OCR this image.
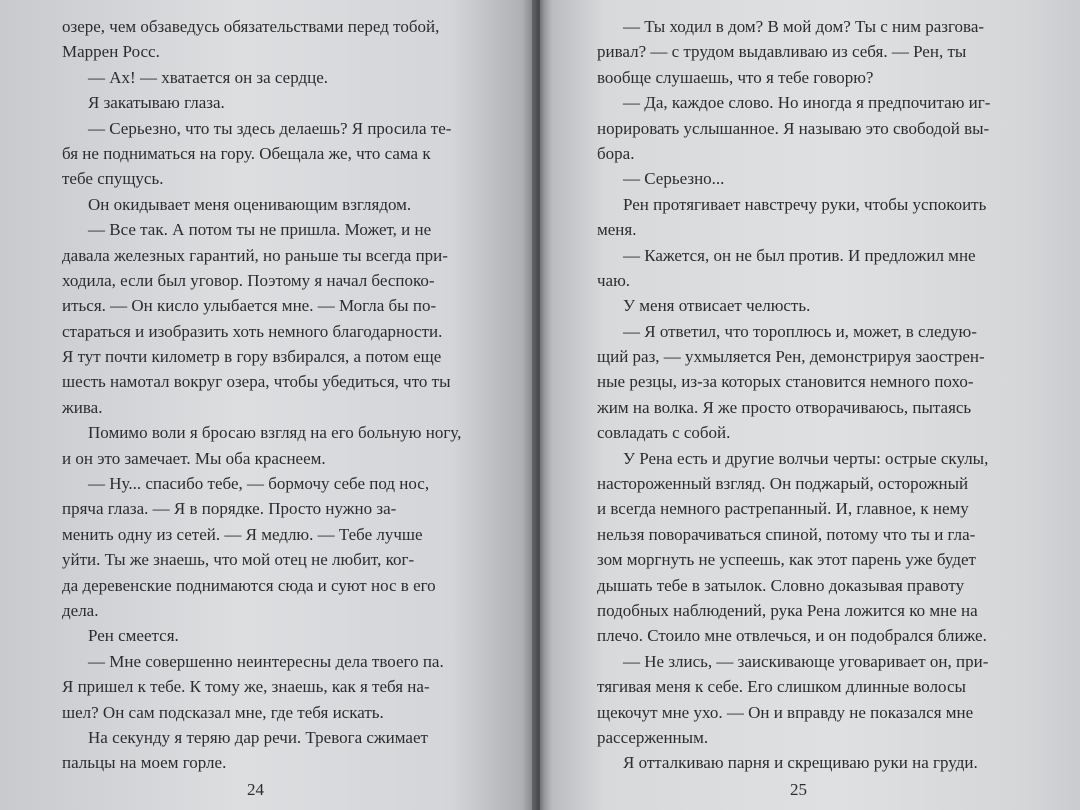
озере, чем обзаведусь обязательствами перед тобой,
Маррен Росс.
— Ах! — хватается он за сердце.
Я закатываю глаза.
— Серьезно, что ты здесь делаешь? Я просила те-
бя не подниматься на гору. Обещала же, что сама к
тебе спущусь.
Он окидывает меня оценивающим взглядом.
— Все так. А потом ты не пришла. Может, и не
давала железных гарантий, но раньше ты всегда при-
ходила, если был уговор. Поэтому я начал беспоко-
иться. — Он кисло улыбается мне. — Могла бы по-
стараться и изобразить хоть немного благодарности.
Я тут почти километр в гору взбирался, а потом еще
шесть намотал вокруг озера, чтобы убедиться, что ты
жива.
Помимо воли я бросаю взгляд на его больную ногу,
и он это замечает. Мы оба краснеем.
— Ну... спасибо тебе, — бормочу себе под нос,
пряча глаза. — Я в порядке. Просто нужно за-
менить одну из сетей. — Я медлю. — Тебе лучше
уйти. Ты же знаешь, что мой отец не любит, ког-
да деревенские поднимаются сюда и суют нос в его
дела.
Рен смеется.
— Мне совершенно неинтересны дела твоего па.
Я пришел к тебе. К тому же, знаешь, как я тебя на-
шел? Он сам подсказал мне, где тебя искать.
На секунду я теряю дар речи. Тревога сжимает
пальцы на моем горле.
24
— Ты ходил в дом? В мой дом? Ты с ним разгова-
ривал? — с трудом выдавливаю из себя. — Рен, ты
вообще слушаешь, что я тебе говорю?
— Да, каждое слово. Но иногда я предпочитаю иг-
норировать услышанное. Я называю это свободой вы-
бора.
— Серьезно...
Рен протягивает навстречу руки, чтобы успокоить
меня.
— Кажется, он не был против. И предложил мне
чаю.
У меня отвисает челюсть.
— Я ответил, что тороплюсь и, может, в следую-
щий раз, — ухмыляется Рен, демонстрируя заострен-
ные резцы, из-за которых становится немного похо-
жим на волка. Я же просто отворачиваюсь, пытаясь
совладать с собой.
У Рена есть и другие волчьи черты: острые скулы,
настороженный взгляд. Он поджарый, осторожный
и всегда немного растрепанный. И, главное, к нему
нельзя поворачиваться спиной, потому что ты и гла-
зом моргнуть не успеешь, как этот парень уже будет
дышать тебе в затылок. Словно доказывая правоту
подобных наблюдений, рука Рена ложится ко мне на
плечо. Стоило мне отвлечься, и он подобрался ближе.
— Не злись, — заискивающе уговаривает он, при-
тягивая меня к себе. Его слишком длинные волосы
щекочут мне ухо. — Он и вправду не показался мне
рассерженным.
Я отталкиваю парня и скрещиваю руки на груди.
25
